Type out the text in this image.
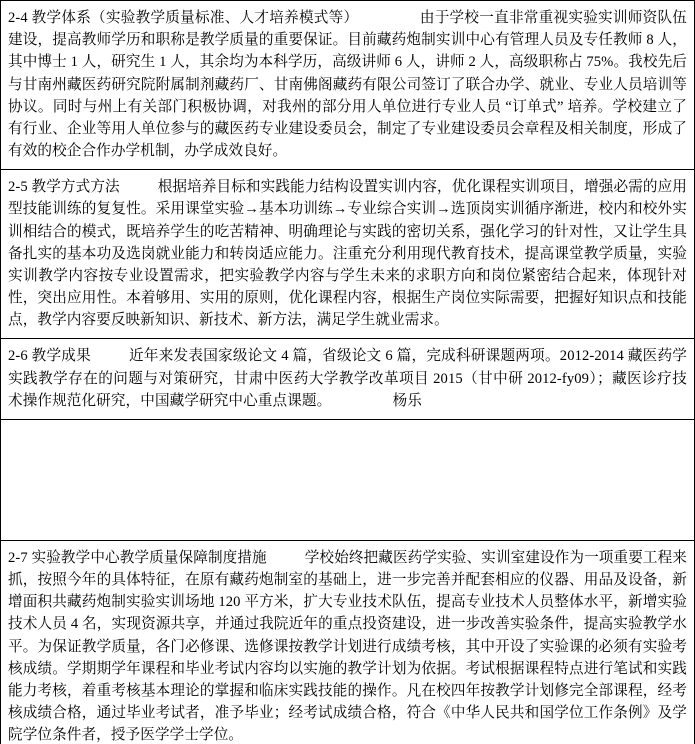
2-4 教学体系（实验教学质量标准、人才培养模式等）	由于学校一直非常重视实验实训师资队伍建设，提高教师学历和职称是教学质量的重要保证。目前藏药炮制实训中心有管理人员及专任教师 8 人，其中博士 1 人，研究生 1 人，其余均为本科学历，高级讲师 6 人，讲师 2 人，高级职称占 75%。我校先后与甘南州藏医药研究院附属制剂藏药厂、甘南佛阁藏药有限公司签订了联合办学、就业、专业人员培训等协议。同时与州上有关部门积极协调，对我州的部分用人单位进行专业人员 “订单式” 培养。学校建立了有行业、企业等用人单位参与的藏医药专业建设委员会，制定了专业建设委员会章程及相关制度，形成了有效的校企合作办学机制，办学成效良好。

2-5 教学方式方法	根据培养目标和实践能力结构设置实训内容，优化课程实训项目，增强必需的应用型技能训练的复复性。采用课堂实验→基本功训练→专业综合实训→选顶岗实训循序渐进，校内和校外实训相结合的模式，既培养学生的吃苦精神、明确理论与实践的密切关系，强化学习的针对性，又让学生具备扎实的基本功及选岗就业能力和转岗适应能力。注重充分利用现代教育技术，提高课堂教学质量，实验实训教学内容按专业设置需求，把实验教学内容与学生未来的求职方向和岗位紧密结合起来，体现针对性，突出应用性。本着够用、实用的原则，优化课程内容，根据生产岗位实际需要，把握好知识点和技能点，教学内容要反映新知识、新技术、新方法，满足学生就业需求。

2-6 教学成果	近年来发表国家级论文 4 篇，省级论文 6 篇，完成科研课题两项。2012-2014 藏医药学实践教学存在的问题与对策研究，甘肃中医药大学教学改革项目 2015（甘中研 2012-fy09）；藏医诊疗技术操作规范化研究，中国藏学研究中心重点课题。	杨乐

2-7 实验教学中心教学质量保障制度措施	学校始终把藏医药学实验、实训室建设作为一项重要工程来抓，按照今年的具体特征，在原有藏药炮制室的基础上，进一步完善并配套相应的仪器、用品及设备，新增面积共藏药炮制实验实训场地 120 平方米，扩大专业技术队伍，提高专业技术人员整体水平，新增实验技术人员 4 名，实现资源共享，并通过我院近年的重点投资建设，进一步改善实验条件，提高实验教学水平。为保证教学质量，各门必修课、选修课按教学计划进行成绩考核，其中开设了实验课的必须有实验考核成绩。学期期学年课程和毕业考试内容均以实施的教学计划为依据。考试根据课程特点进行笔试和实践能力考核，着重考核基本理论的掌握和临床实践技能的操作。凡在校四年按教学计划修完全部课程，经考核成绩合格，通过毕业考试者，准予毕业；经考试成绩合格，符合《中华人民共和国学位工作条例》及学院学位条件者，授予医学学士学位。
